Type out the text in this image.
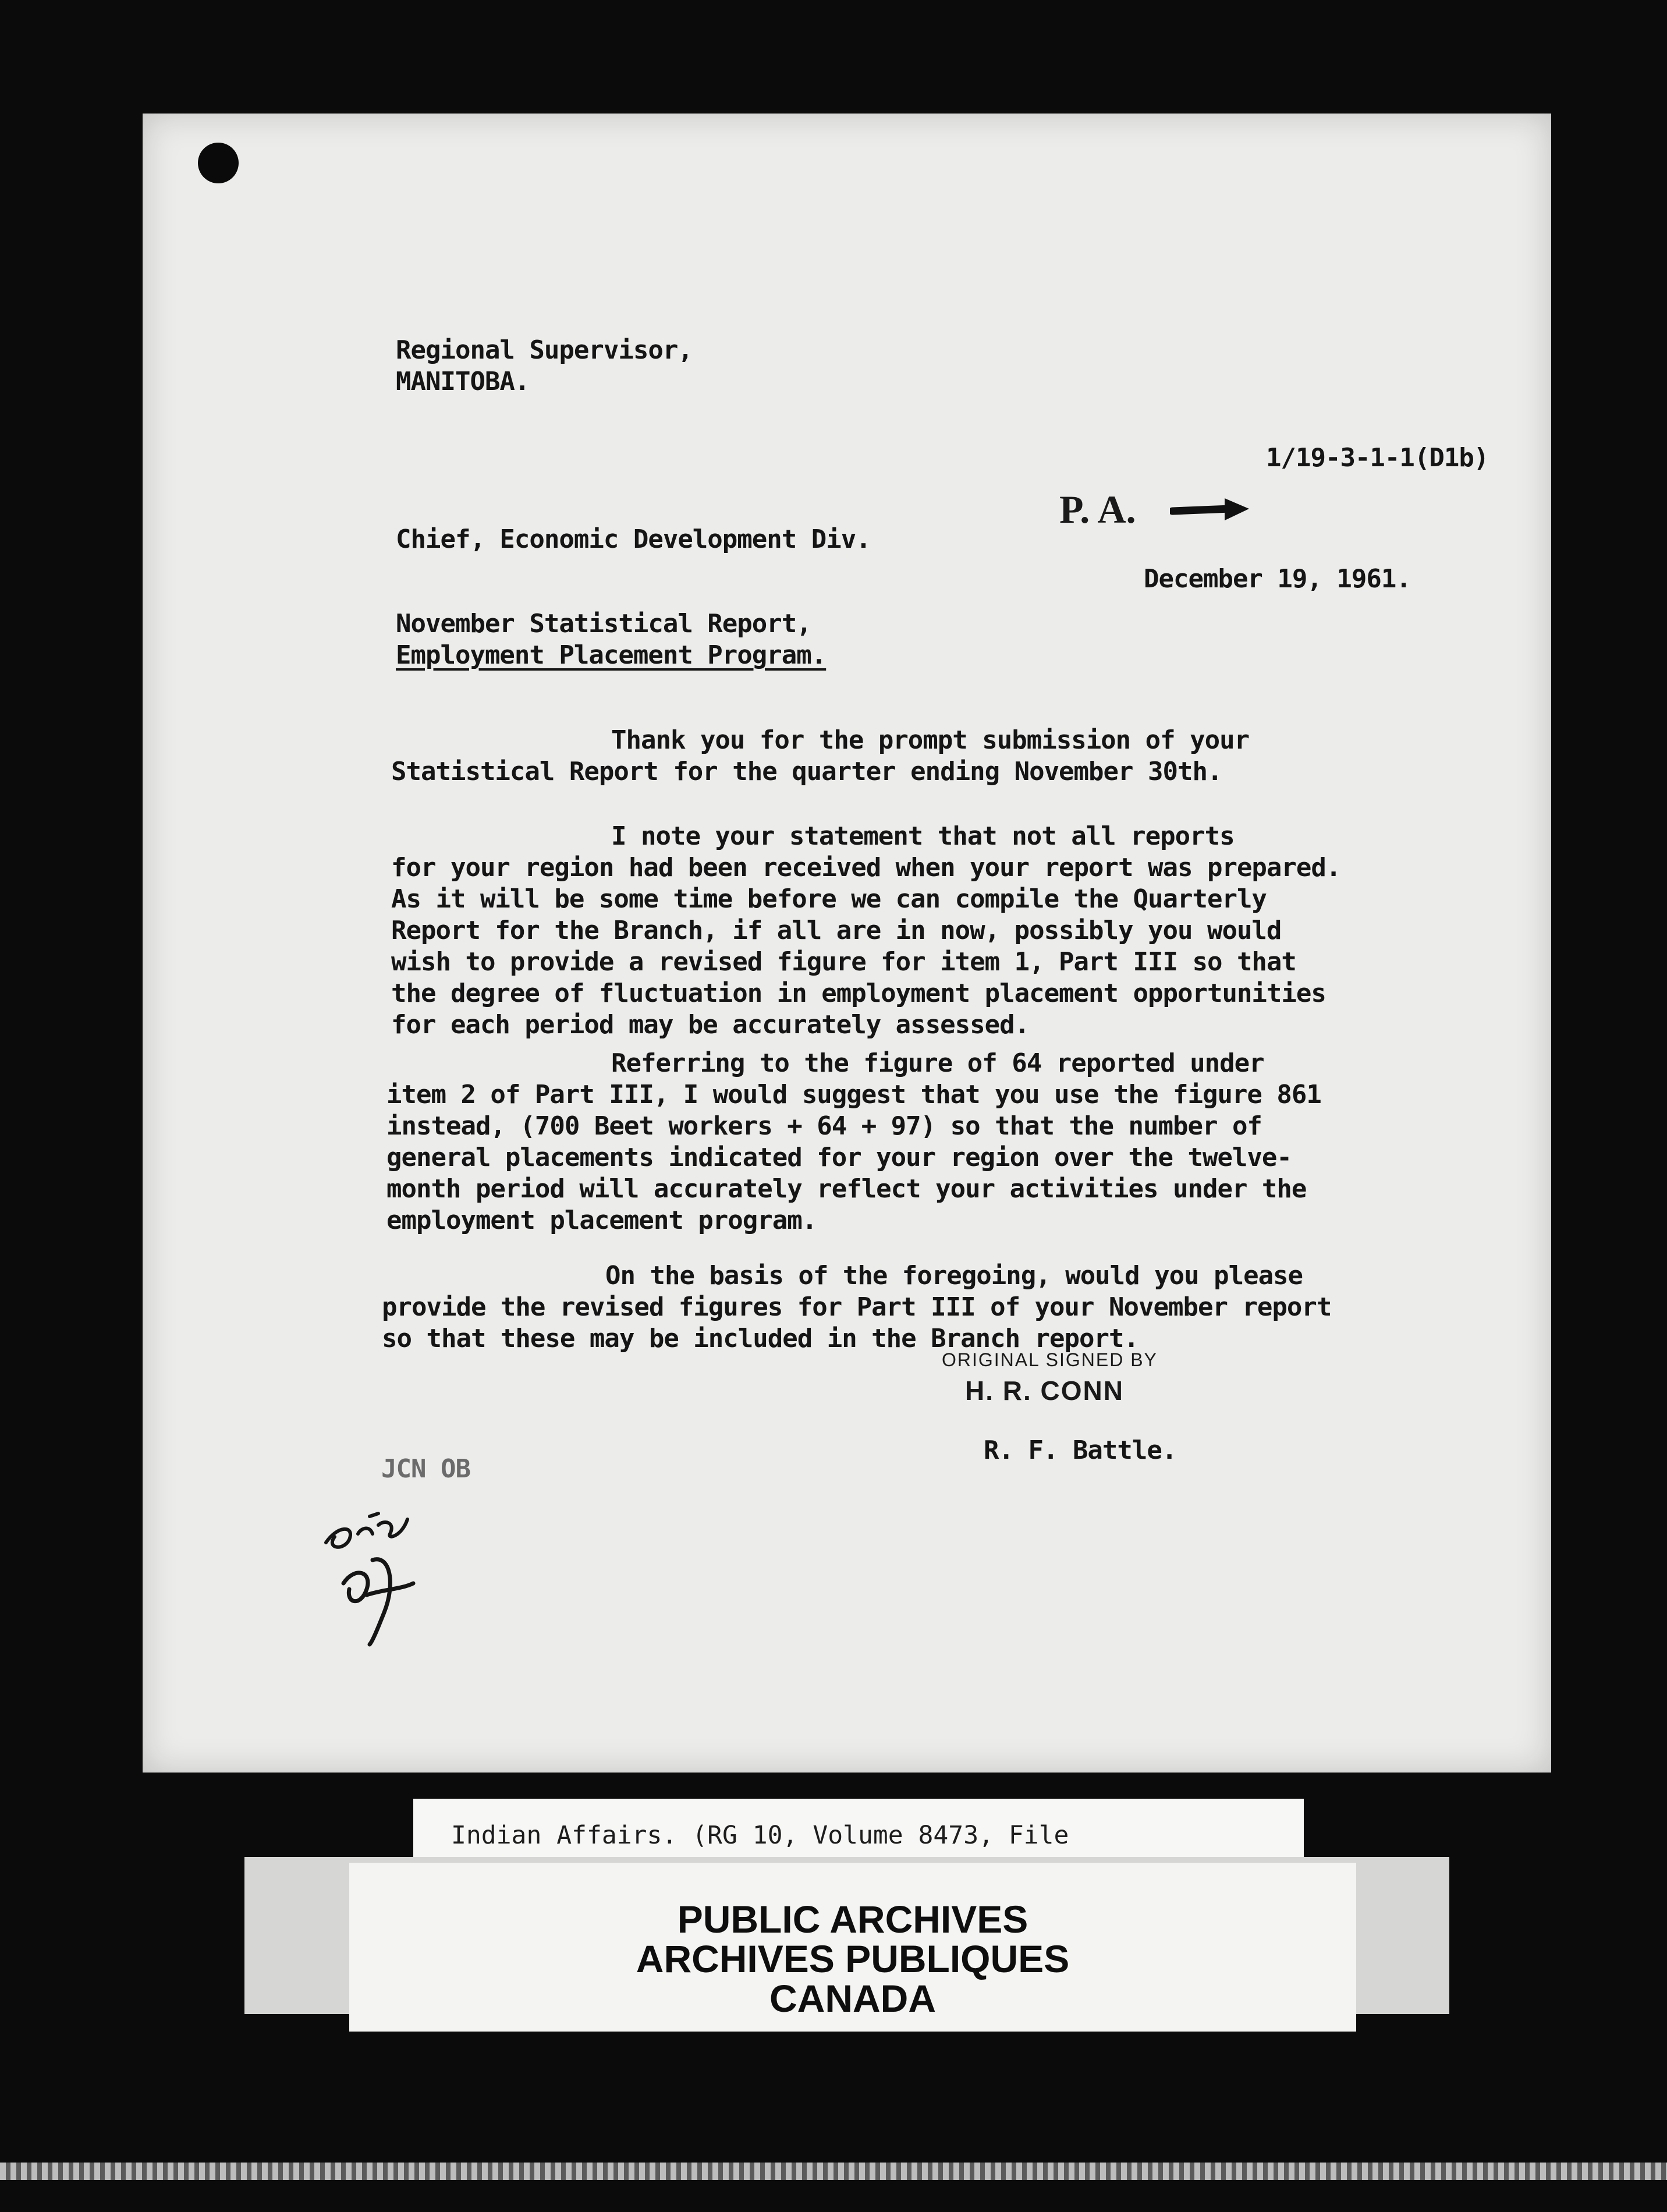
Regional Supervisor,

MANITOBA.

1/19-3-1-1(D1b)

P. A.

Chief, Economic Development Div.

December 19, 1961.

November Statistical Report,

Employment Placement Program.

Thank you for the prompt submission of your

Statistical Report for the quarter ending November 30th.

I note your statement that not all reports

for your region had been received when your report was prepared.

As it will be some time before we can compile the Quarterly

Report for the Branch, if all are in now, possibly you would

wish to provide a revised figure for item 1, Part III so that

the degree of fluctuation in employment placement opportunities

for each period may be accurately assessed.

Referring to the figure of 64 reported under

item 2 of Part III, I would suggest that you use the figure 861

instead, (700 Beet workers + 64 + 97) so that the number of

general placements indicated for your region over the twelve-

month period will accurately reflect your activities under the

employment placement program.

On the basis of the foregoing, would you please

provide the revised figures for Part III of your November report

so that these may be included in the Branch report.

ORIGINAL SIGNED BY

H. R. CONN

R. F. Battle.

JCN OB

Indian Affairs. (RG 10, Volume 8473, File

PUBLIC ARCHIVES

ARCHIVES PUBLIQUES

CANADA
